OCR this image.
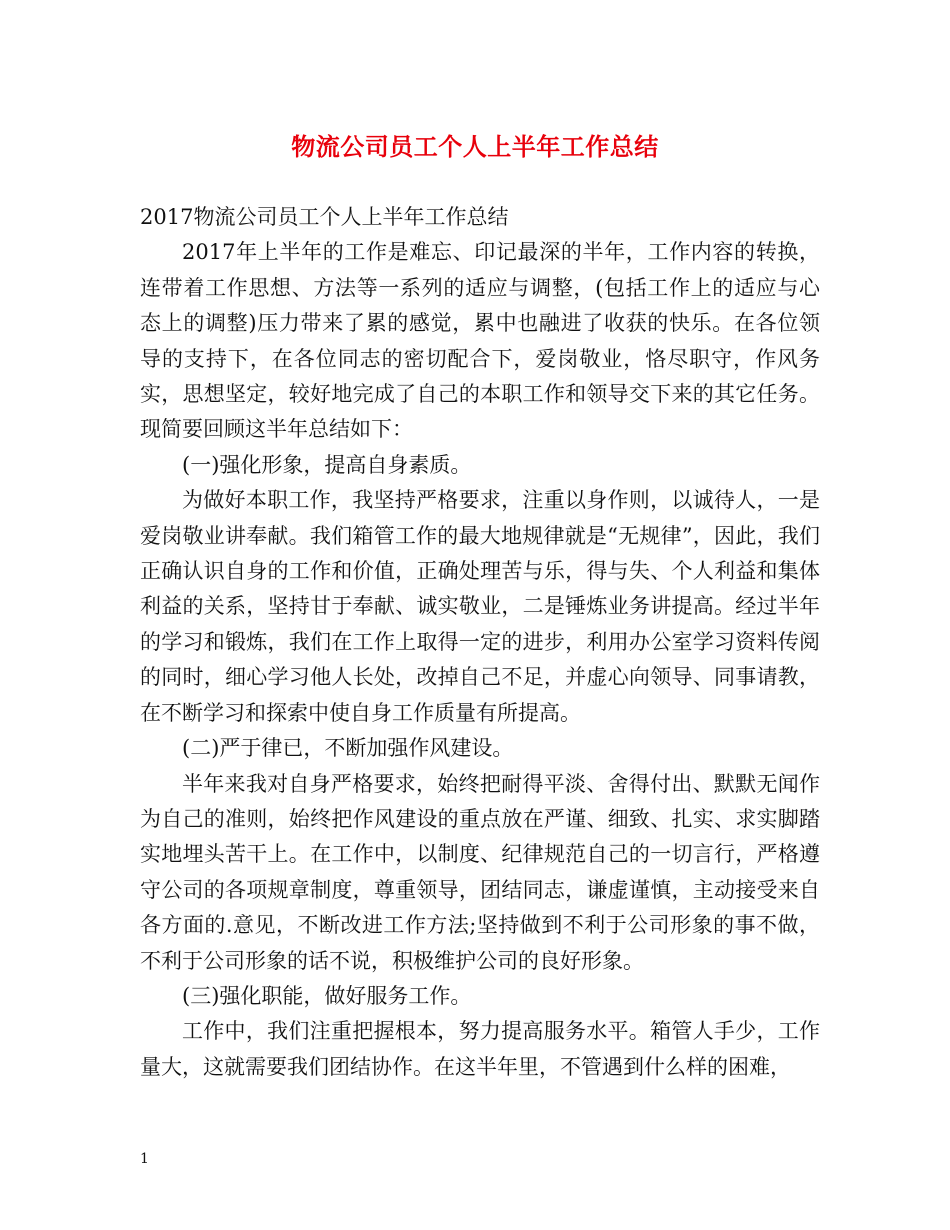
物流公司员工个人上半年工作总结

2017物流公司员工个人上半年工作总结

2017年上半年的工作是难忘、印记最深的半年，工作内容的转换，连带着工作思想、方法等一系列的适应与调整，(包括工作上的适应与心态上的调整)压力带来了累的感觉，累中也融进了收获的快乐。在各位领导的支持下，在各位同志的密切配合下，爱岗敬业，恪尽职守，作风务实，思想坚定，较好地完成了自己的本职工作和领导交下来的其它任务。现简要回顾这半年总结如下：

(一)强化形象，提高自身素质。

为做好本职工作，我坚持严格要求，注重以身作则，以诚待人，一是爱岗敬业讲奉献。我们箱管工作的最大地规律就是“无规律”，因此，我们正确认识自身的工作和价值，正确处理苦与乐，得与失、个人利益和集体利益的关系，坚持甘于奉献、诚实敬业，二是锤炼业务讲提高。经过半年的学习和锻炼，我们在工作上取得一定的进步，利用办公室学习资料传阅的同时，细心学习他人长处，改掉自己不足，并虚心向领导、同事请教，在不断学习和探索中使自身工作质量有所提高。

(二)严于律已，不断加强作风建设。

半年来我对自身严格要求，始终把耐得平淡、舍得付出、默默无闻作为自己的准则，始终把作风建设的重点放在严谨、细致、扎实、求实脚踏实地埋头苦干上。在工作中，以制度、纪律规范自己的一切言行，严格遵守公司的各项规章制度，尊重领导，团结同志，谦虚谨慎，主动接受来自各方面的.意见，不断改进工作方法;坚持做到不利于公司形象的事不做，不利于公司形象的话不说，积极维护公司的良好形象。

(三)强化职能，做好服务工作。

工作中，我们注重把握根本，努力提高服务水平。箱管人手少，工作量大，这就需要我们团结协作。在这半年里，不管遇到什么样的困难，

1
